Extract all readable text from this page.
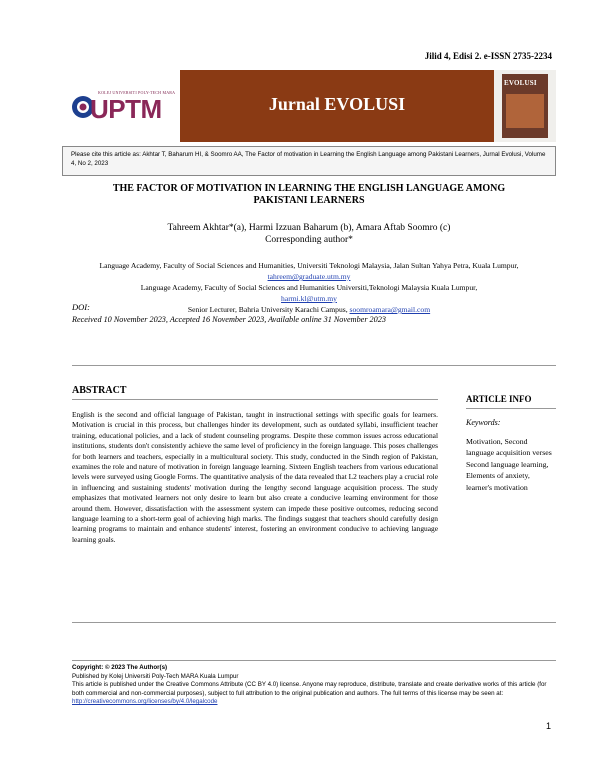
Jilid 4, Edisi 2. e-ISSN 2735-2234
KOLEJ UNIVERSITI POLY-TECH MARA
UPTM	Jurnal EVOLUSI
EVOLUSI
Please cite this article as: Akhtar T, Baharum HI, & Soomro AA, The Factor of motivation in Learning the English Language among Pakistani Learners, Jurnal Evolusi, Volume 4, No 2, 2023
THE FACTOR OF MOTIVATION IN LEARNING THE ENGLISH LANGUAGE AMONG
PAKISTANI LEARNERS
Tahreem Akhtar*(a), Harmi Izzuan Baharum (b), Amara Aftab Soomro (c)
Corresponding author*
Language Academy, Faculty of Social Sciences and Humanities, Universiti Teknologi Malaysia, Jalan Sultan Yahya Petra, Kuala Lumpur, tahreem@graduate.utm.my
Language Academy, Faculty of Social Sciences and Humanities Universiti,Teknologi Malaysia Kuala Lumpur,
harmi.kl@utm.my
Senior Lecturer, Bahria University Karachi Campus, soomroamara@gmail.com
DOI:
Received 10 November 2023, Accepted 16 November 2023, Available online 31 November 2023
ABSTRACT
English is the second and official language of Pakistan, taught in instructional settings with specific goals for learners. Motivation is crucial in this process, but challenges hinder its development, such as outdated syllabi, insufficient teacher training, educational policies, and a lack of student counseling programs. Despite these common issues across educational institutions, students don't consistently achieve the same level of proficiency in the foreign language. This poses challenges for both learners and teachers, especially in a multicultural society. This study, conducted in the Sindh region of Pakistan, examines the role and nature of motivation in foreign language learning. Sixteen English teachers from various educational levels were surveyed using Google Forms. The quantitative analysis of the data revealed that L2 teachers play a crucial role in influencing and sustaining students' motivation during the lengthy second language acquisition process. The study emphasizes that motivated learners not only desire to learn but also create a conducive learning environment for those around them. However, dissatisfaction with the assessment system can impede these positive outcomes, reducing second language learning to a short-term goal of achieving high marks. The findings suggest that teachers should carefully design learning programs to maintain and enhance students' interest, fostering an environment conducive to achieving language learning goals.
ARTICLE INFO
Keywords:
Motivation, Second language acquisition verses Second language learning, Elements of anxiety, learner's motivation
Copyright: © 2023 The Author(s)
Published by Kolej Universiti Poly-Tech MARA Kuala Lumpur
This article is published under the Creative Commons Attribute (CC BY 4.0) license. Anyone may reproduce, distribute, translate and create derivative works of this article (for both commercial and non-commercial purposes), subject to full attribution to the original publication and authors. The full terms of this license may be seen at: http://creativecommons.org/licenses/by/4.0/legalcode
1
